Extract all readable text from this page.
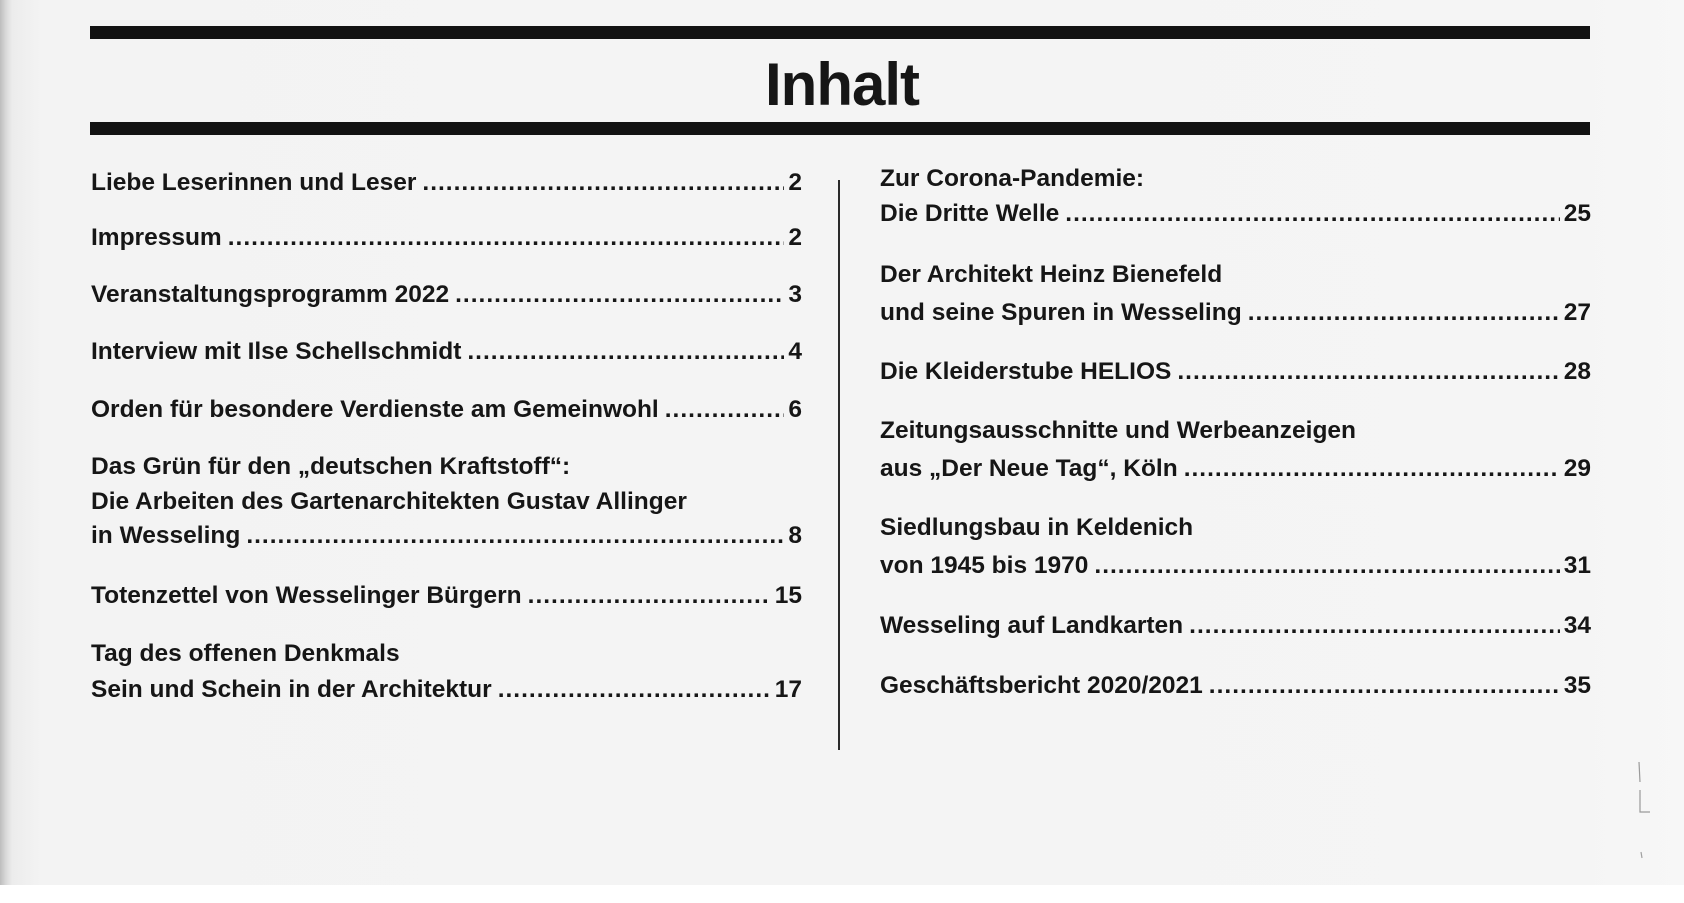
Inhalt
Liebe Leserinnen und Leser .....	2
Impressum .....	2
Veranstaltungsprogramm 2022 .....	3
Interview mit Ilse Schellschmidt .....	4
Orden für besondere Verdienste am Gemeinwohl .....	6
Das Grün für den „deutschen Kraftstoff“:
Die Arbeiten des Gartenarchitekten Gustav Allinger
in Wesseling .....	8
Totenzettel von Wesselinger Bürgern .....	15
Tag des offenen Denkmals
Sein und Schein in der Architektur .....	17
Zur Corona-Pandemie:
Die Dritte Welle .....	25
Der Architekt Heinz Bienefeld
und seine Spuren in Wesseling .....	27
Die Kleiderstube HELIOS .....	28
Zeitungsausschnitte und Werbeanzeigen
aus „Der Neue Tag“, Köln .....	29
Siedlungsbau in Keldenich
von 1945 bis 1970 .....	31
Wesseling auf Landkarten .....	34
Geschäftsbericht 2020/2021 .....	35
